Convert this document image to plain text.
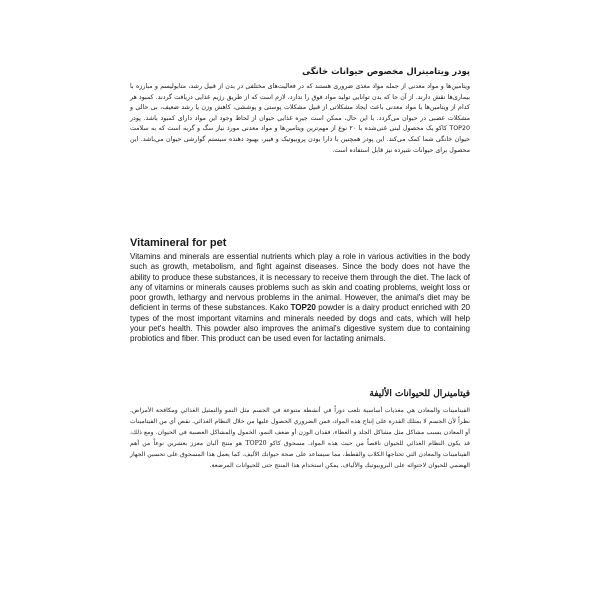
پودر ویتامینرال مخصوص حیوانات خانگی

ویتامین‌ها و مواد معدنی از جمله مواد مغذی ضروری هستند که در فعالیت‌های مختلفی در بدن از قبیل رشد، متابولیسم و مبارزه با بیماری‌ها نقش دارند. از آن جا که بدن توانایی تولید مواد فوق را ندارد، لازم است که از طریق رژیم غذایی دریافت گردند. کمبود هر کدام از ویتامین‌ها یا مواد معدنی باعث ایجاد مشکلاتی از قبیل مشکلات پوستی و پوششی، کاهش وزن یا رشد ضعیف، بی حالی و مشکلات عصبی در حیوان می‌گردد. با این حال، ممکن است جیره غذایی حیوان از لحاظ وجود این مواد دارای کمبود باشد. پودر TOP20 کاکو یک محصول لبنی غنی‌شده با ۲۰ نوع از مهم‌ترین ویتامین‌ها و مواد معدنی مورد نیاز سگ و گربه است که به سلامت حیوان خانگی شما کمک می‌کند. این پودر همچنین با دارا بودن پروبیوتیک و فیبر، بهبود دهنده سیستم گوارشی حیوان می‌باشد. این محصول برای حیوانات شیرده نیز قابل استفاده است.

Vitamineral for pet

Vitamins and minerals are essential nutrients which play a role in various activities in the body such as growth, metabolism, and fight against diseases. Since the body does not have the ability to produce these substances, it is necessary to receive them through the diet. The lack of any of vitamins or minerals causes problems such as skin and coating problems, weight loss or poor growth, lethargy and nervous problems in the animal. However, the animal's diet may be deficient in terms of these substances. Kako TOP20 powder is a dairy product enriched with 20 types of the most important vitamins and minerals needed by dogs and cats, which will help your pet's health. This powder also improves the animal's digestive system due to containing probiotics and fiber. This product can be used even for lactating animals.

فيتامينرال للحيوانات الأليفة

الفيتامينات والمعادن هي مغذيات أساسية تلعب دوراً في أنشطة متنوعة في الجسم مثل النمو والتمثيل الغذائي ومكافحة الأمراض. نظراً لأن الجسم لا يمتلك القدرة على إنتاج هذه المواد، فمن الضروري الحصول عليها من خلال النظام الغذائي. نقص أي من الفيتامينات أو المعادن يسبب مشاكل مثل مشاكل الجلد و الغطاء، فقدان الوزن أو ضعف النمو، الخمول والمشاكل العصبية في الحيوان. ومع ذلك، قد يكون النظام الغذائي للحيوان ناقصاً من حيث هذه المواد. مسحوق كاكو TOP20 هو منتج ألبان معزز بعشرين نوعاً من أهم الفيتامينات والمعادن التي تحتاجها الكلاب والقطط، مما سيساعد على صحة حيوانك الأليف. كما يعمل هذا المسحوق على تحسين الجهاز الهضمي للحيوان لاحتوائه على البروبيوتيك والألياف. يمكن استخدام هذا المنتج حتى للحيوانات المرضعة.
